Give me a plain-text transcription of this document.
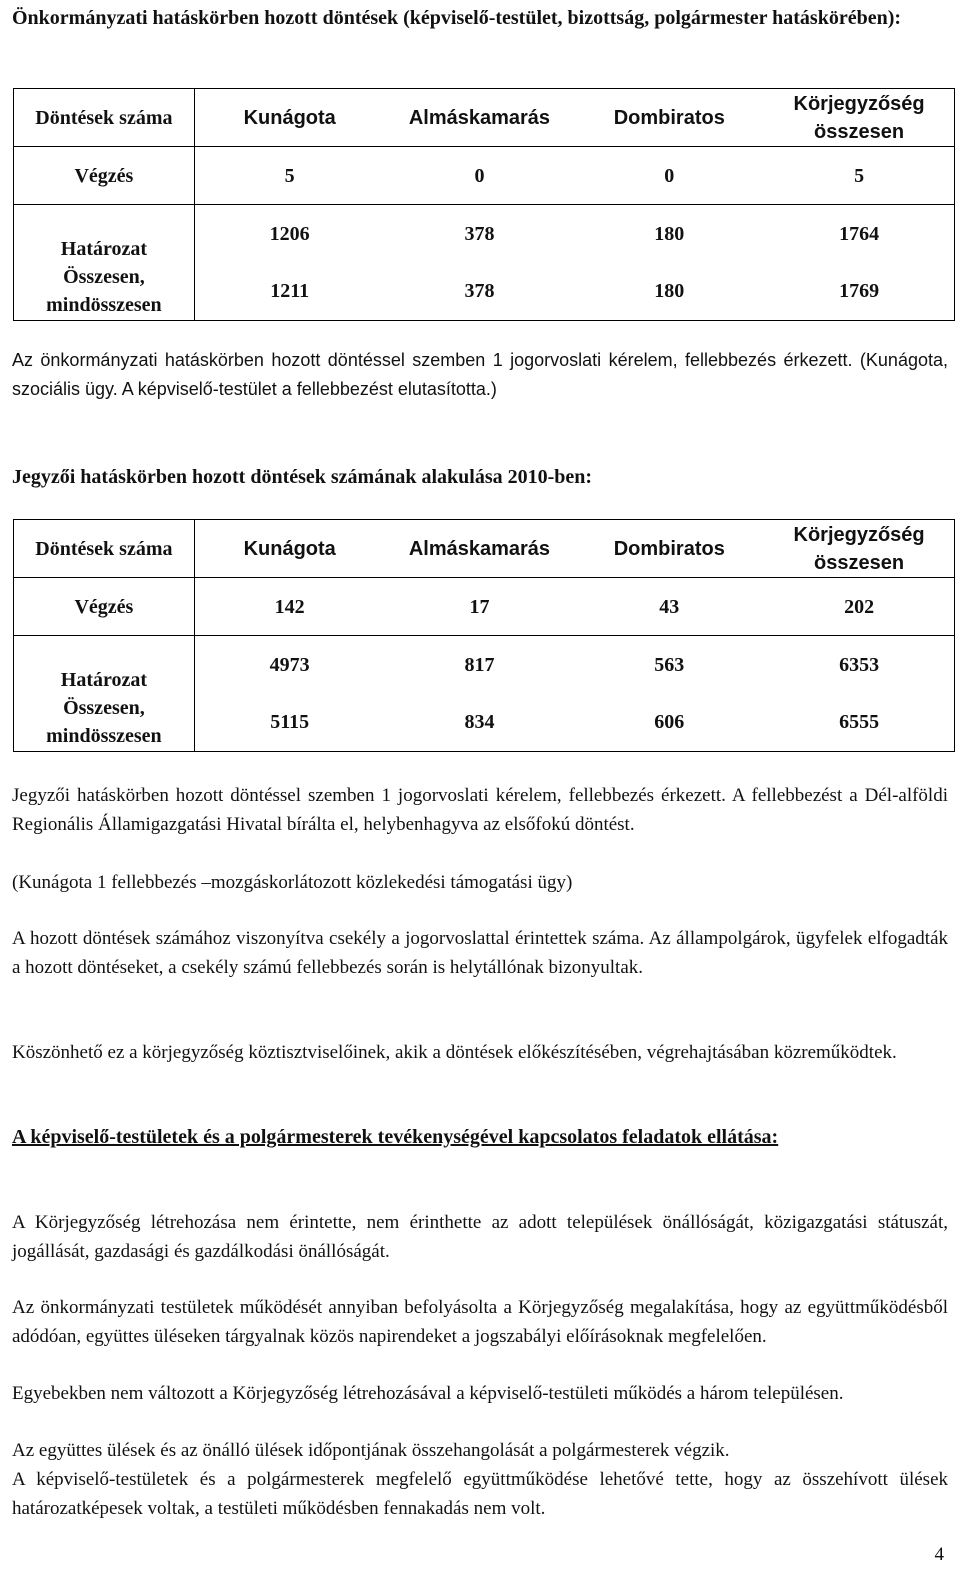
Önkormányzati hatáskörben hozott döntések (képviselő-testület, bizottság, polgármester hatáskörében):
Döntések száma	Kunágota	Almáskamarás	Dombiratos	Körjegyzőség összesen
Végzés	5	0	0	5
Határozat	1206	378	180	1764
Összesen, mindösszesen	1211	378	180	1769
Az önkormányzati hatáskörben hozott döntéssel szemben 1 jogorvoslati kérelem, fellebbezés érkezett. (Kunágota, szociális ügy. A képviselő-testület a fellebbezést elutasította.)
Jegyzői hatáskörben hozott döntések számának alakulása 2010-ben:
Döntések száma	Kunágota	Almáskamarás	Dombiratos	Körjegyzőség összesen
Végzés	142	17	43	202
Határozat	4973	817	563	6353
Összesen, mindösszesen	5115	834	606	6555
Jegyzői hatáskörben hozott döntéssel szemben 1 jogorvoslati kérelem, fellebbezés érkezett. A fellebbezést a Dél-alföldi Regionális Államigazgatási Hivatal bírálta el, helybenhagyva az elsőfokú döntést.
(Kunágota 1 fellebbezés –mozgáskorlátozott közlekedési támogatási ügy)
A hozott döntések számához viszonyítva csekély a jogorvoslattal érintettek száma. Az állampolgárok, ügyfelek elfogadták a hozott döntéseket, a csekély számú fellebbezés során is helytállónak bizonyultak.
Köszönhető ez a körjegyzőség köztisztviselőinek, akik a döntések előkészítésében, végrehajtásában közreműködtek.
A képviselő-testületek és a polgármesterek tevékenységével kapcsolatos feladatok ellátása:
A Körjegyzőség létrehozása nem érintette, nem érinthette az adott települések önállóságát, közigazgatási státuszát, jogállását, gazdasági és gazdálkodási önállóságát.
Az önkormányzati testületek működését annyiban befolyásolta a Körjegyzőség megalakítása, hogy az együttműködésből adódóan, együttes üléseken tárgyalnak közös napirendeket a jogszabályi előírásoknak megfelelően.
Egyebekben nem változott a Körjegyzőség létrehozásával a képviselő-testületi működés a három településen.
Az együttes ülések és az önálló ülések időpontjának összehangolását a polgármesterek végzik.
A képviselő-testületek és a polgármesterek megfelelő együttműködése lehetővé tette, hogy az összehívott ülések határozatképesek voltak, a testületi működésben fennakadás nem volt.
4
